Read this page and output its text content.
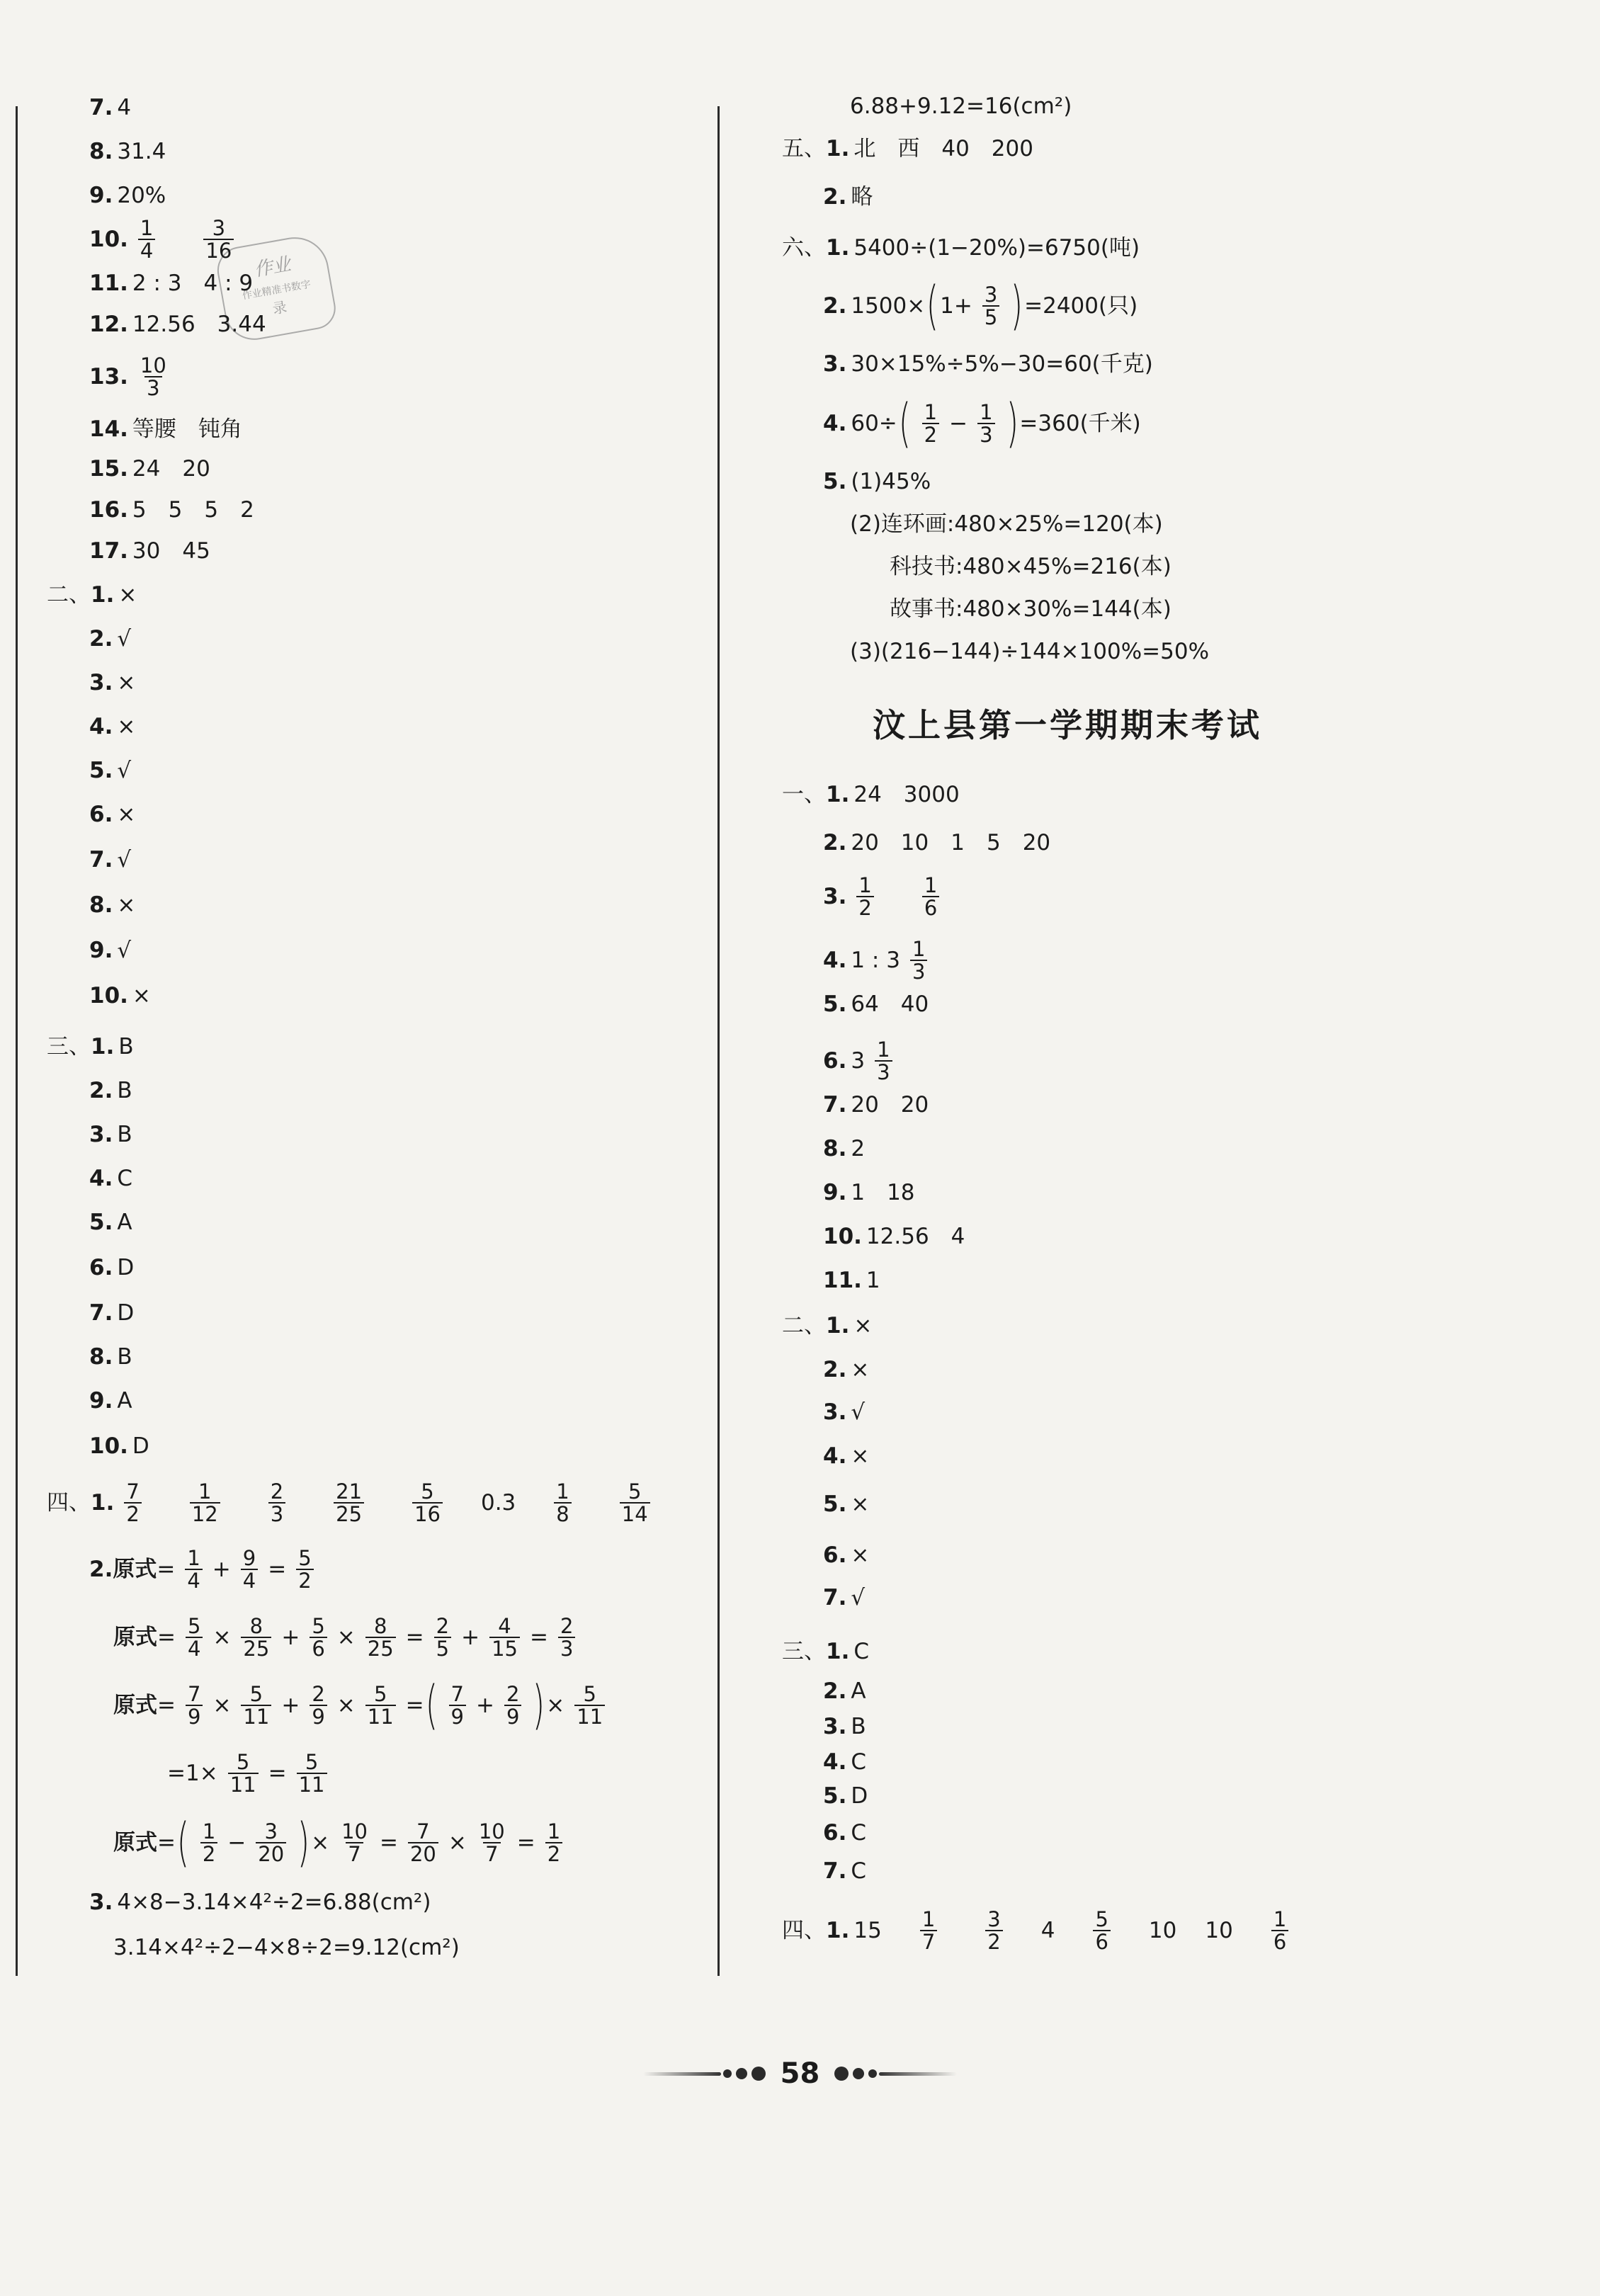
作业
作业精准书数字
录
7. 4
8. 31.4
9. 20%
10. $\frac{1}{4} \frac{3}{16}$
11. 2 : 3　4 : 9
12. 12.56　3.44
13. $\frac{10}{3}$
14. 等腰　钝角
15. 24　20
16. 5　5　5　2
17. 30　45
二、 1. ×
2. √
3. ×
4. ×
5. √
6. ×
7. √
8. ×
9. √
10. ×
三、 1. B
2. B
3. B
4. C
5. A
6. D
7. D
8. B
9. A
10. D
四、 1. $\frac{7}{2} \frac{1}{12} \frac{2}{3} \frac{21}{25} \frac{5}{16} 0.3 \frac{1}{8} \frac{5}{14}$
2. 原式 = $\frac{1}{4} + \frac{9}{4} = \frac{5}{2}$
原式 = $\frac{5}{4} \times \frac{8}{25} + \frac{5}{6} \times \frac{8}{25} = \frac{2}{5} + \frac{4}{15} = \frac{2}{3}$
原式 = $\frac{7}{9} \times \frac{5}{11} + \frac{2}{9} \times \frac{5}{11}$ = ( $\frac{7}{9} + \frac{2}{9}$ ) × $\frac{5}{11}$
= $1 \times \frac{5}{11} = \frac{5}{11}$
原式 = ( $\frac{1}{2} - \frac{3}{20}$ ) × $\frac{10}{7} = \frac{7}{20} \times \frac{10}{7} = \frac{1}{2}$
3. 4×8−3.14×4²÷2=6.88(cm²)
3.14×4²÷2−4×8÷2=9.12(cm²)
6.88+9.12=16(cm²)
五、 1. 北　西　40　200
2. 略
六、 1. 5400÷(1−20%)=6750(吨)
2. 1500× ( $1+ \frac{3}{5}$ ) =2400(只)
3. 30×15%÷5%−30=60(千克)
4. 60÷ ( $\frac{1}{2} - \frac{1}{3}$ ) =360(千米)
5. (1)45%
(2)连环画:480×25%=120(本)
科技书:480×45%=216(本)
故事书:480×30%=144(本)
(3)(216−144)÷144×100%=50%
汶上县第一学期期末考试
一、 1. 24　3000
2. 20　10　1　5　20
3. $\frac{1}{2} \frac{1}{6}$
4. 1 : $3 \frac{1}{3}$
5. 64　40
6. $3 \frac{1}{3}$
7. 20　20
8. 2
9. 1　18
10. 12.56　4
11. 1
二、 1. ×
2. ×
3. √
4. ×
5. ×
6. ×
7. √
三、 1. C
2. A
3. B
4. C
5. D
6. C
7. C
四、 1. $15 \frac{1}{7} \frac{3}{2} 4 \frac{5}{6} 10$ $10 \frac{1}{6}$
58
